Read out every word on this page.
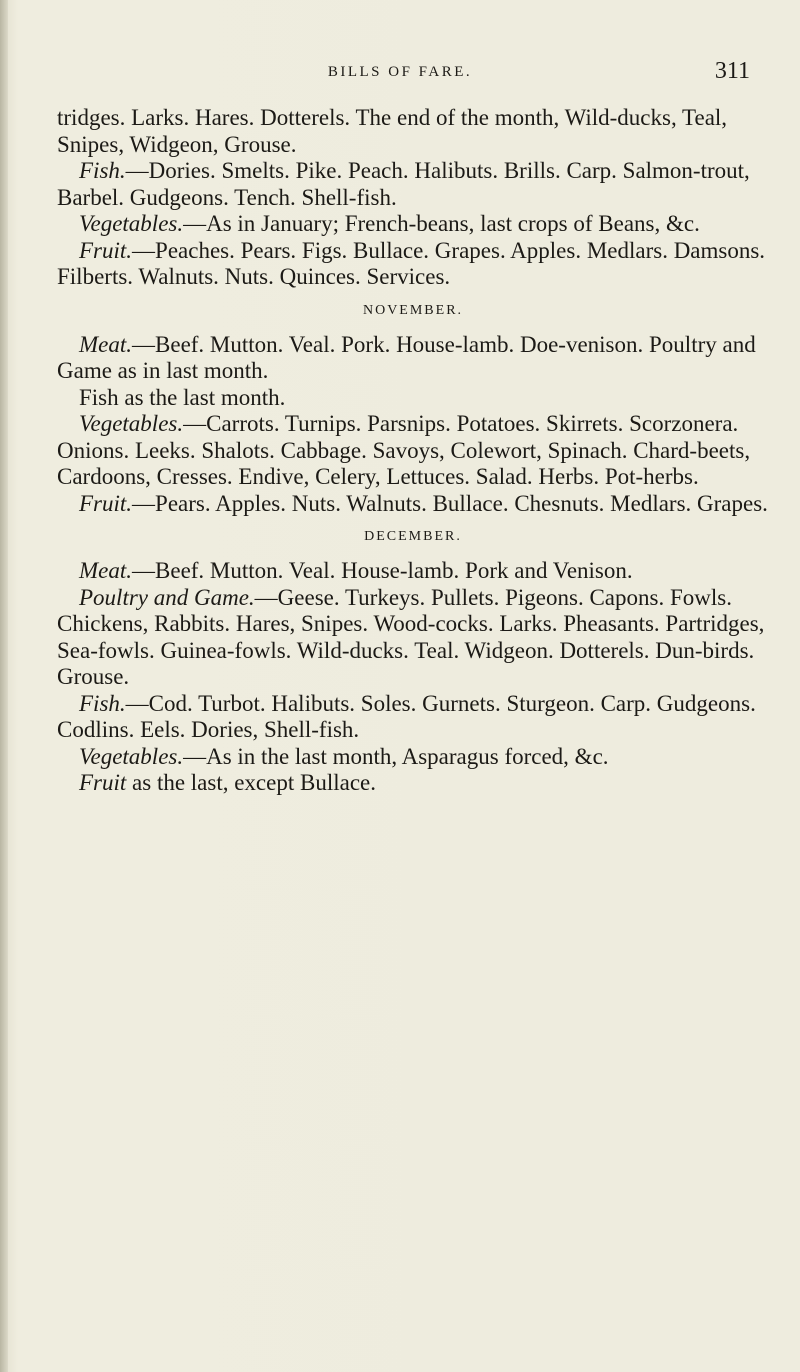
BILLS OF FARE.	311

tridges. Larks. Hares. Dotterels. The end of the month, Wild-ducks, Teal, Snipes, Widgeon, Grouse.

Fish.—Dories. Smelts. Pike. Peach. Halibuts. Brills. Carp. Salmon-trout, Barbel. Gudgeons. Tench. Shell-fish.

Vegetables.—As in January; French-beans, last crops of Beans, &c.

Fruit.—Peaches. Pears. Figs. Bullace. Grapes. Apples. Medlars. Damsons. Filberts. Walnuts. Nuts. Quinces. Services.

NOVEMBER.

Meat.—Beef. Mutton. Veal. Pork. House-lamb. Doe-venison. Poultry and Game as in last month.

Fish as the last month.

Vegetables.—Carrots. Turnips. Parsnips. Potatoes. Skirrets. Scorzonera. Onions. Leeks. Shalots. Cabbage. Savoys, Colewort, Spinach. Chard-beets, Cardoons, Cresses. Endive, Celery, Lettuces. Salad. Herbs. Pot-herbs.

Fruit.—Pears. Apples. Nuts. Walnuts. Bullace. Chesnuts. Medlars. Grapes.

DECEMBER.

Meat.—Beef. Mutton. Veal. House-lamb. Pork and Venison.

Poultry and Game.—Geese. Turkeys. Pullets. Pigeons. Capons. Fowls. Chickens, Rabbits. Hares, Snipes. Wood-cocks. Larks. Pheasants. Partridges, Sea-fowls. Guinea-fowls. Wild-ducks. Teal. Widgeon. Dotterels. Dun-birds. Grouse.

Fish.—Cod. Turbot. Halibuts. Soles. Gurnets. Sturgeon. Carp. Gudgeons. Codlins. Eels. Dories, Shell-fish.

Vegetables.—As in the last month, Asparagus forced, &c.

Fruit as the last, except Bullace.
